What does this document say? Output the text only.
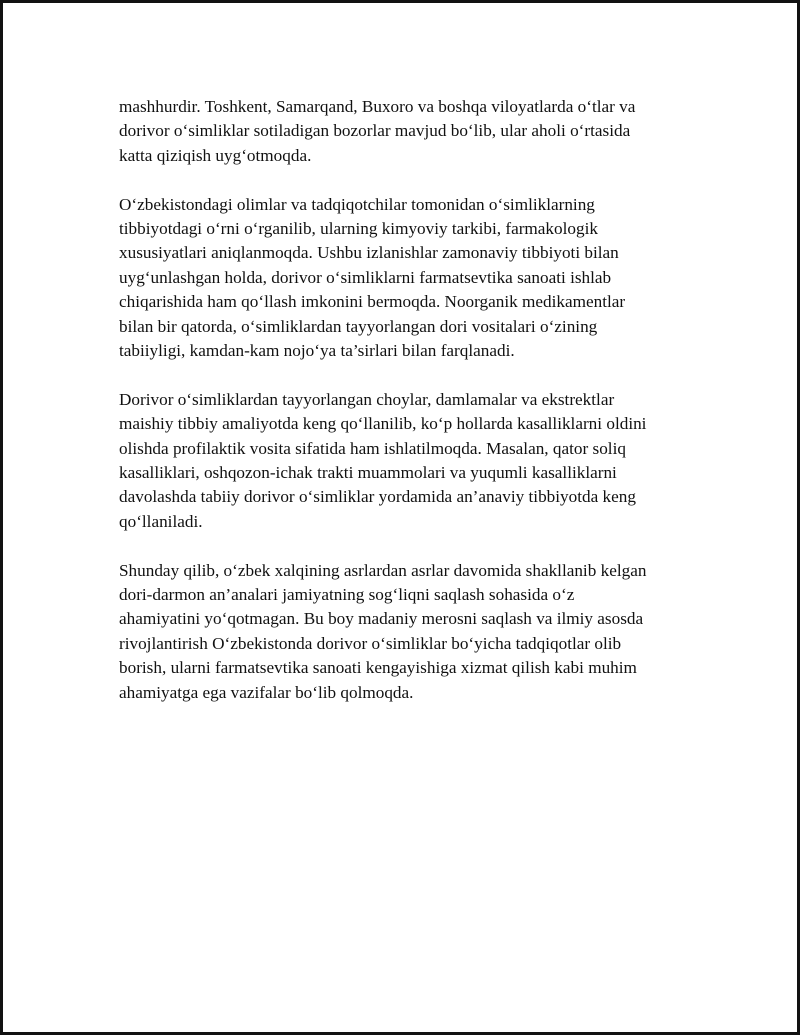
mashhurdir. Toshkent, Samarqand, Buxoro va boshqa viloyatlarda o‘tlar va
dorivor o‘simliklar sotiladigan bozorlar mavjud bo‘lib, ular aholi o‘rtasida
katta qiziqish uyg‘otmoqda.

O‘zbekistondagi olimlar va tadqiqotchilar tomonidan o‘simliklarning
tibbiyotdagi o‘rni o‘rganilib, ularning kimyoviy tarkibi, farmakologik
xususiyatlari aniqlanmoqda. Ushbu izlanishlar zamonaviy tibbiyoti bilan
uyg‘unlashgan holda, dorivor o‘simliklarni farmatsevtika sanoati ishlab
chiqarishida ham qo‘llash imkonini bermoqda. Noorganik medikamentlar
bilan bir qatorda, o‘simliklardan tayyorlangan dori vositalari o‘zining
tabiiyligi, kamdan-kam nojo‘ya ta’sirlari bilan farqlanadi.

Dorivor o‘simliklardan tayyorlangan choylar, damlamalar va ekstrektlar
maishiy tibbiy amaliyotda keng qo‘llanilib, ko‘p hollarda kasalliklarni oldini
olishda profilaktik vosita sifatida ham ishlatilmoqda. Masalan, qator soliq
kasalliklari, oshqozon-ichak trakti muammolari va yuqumli kasalliklarni
davolashda tabiiy dorivor o‘simliklar yordamida an’anaviy tibbiyotda keng
qo‘llaniladi.

Shunday qilib, o‘zbek xalqining asrlardan asrlar davomida shakllanib kelgan
dori-darmon an’analari jamiyatning sog‘liqni saqlash sohasida o‘z
ahamiyatini yo‘qotmagan. Bu boy madaniy merosni saqlash va ilmiy asosda
rivojlantirish O‘zbekistonda dorivor o‘simliklar bo‘yicha tadqiqotlar olib
borish, ularni farmatsevtika sanoati kengayishiga xizmat qilish kabi muhim
ahamiyatga ega vazifalar bo‘lib qolmoqda.
